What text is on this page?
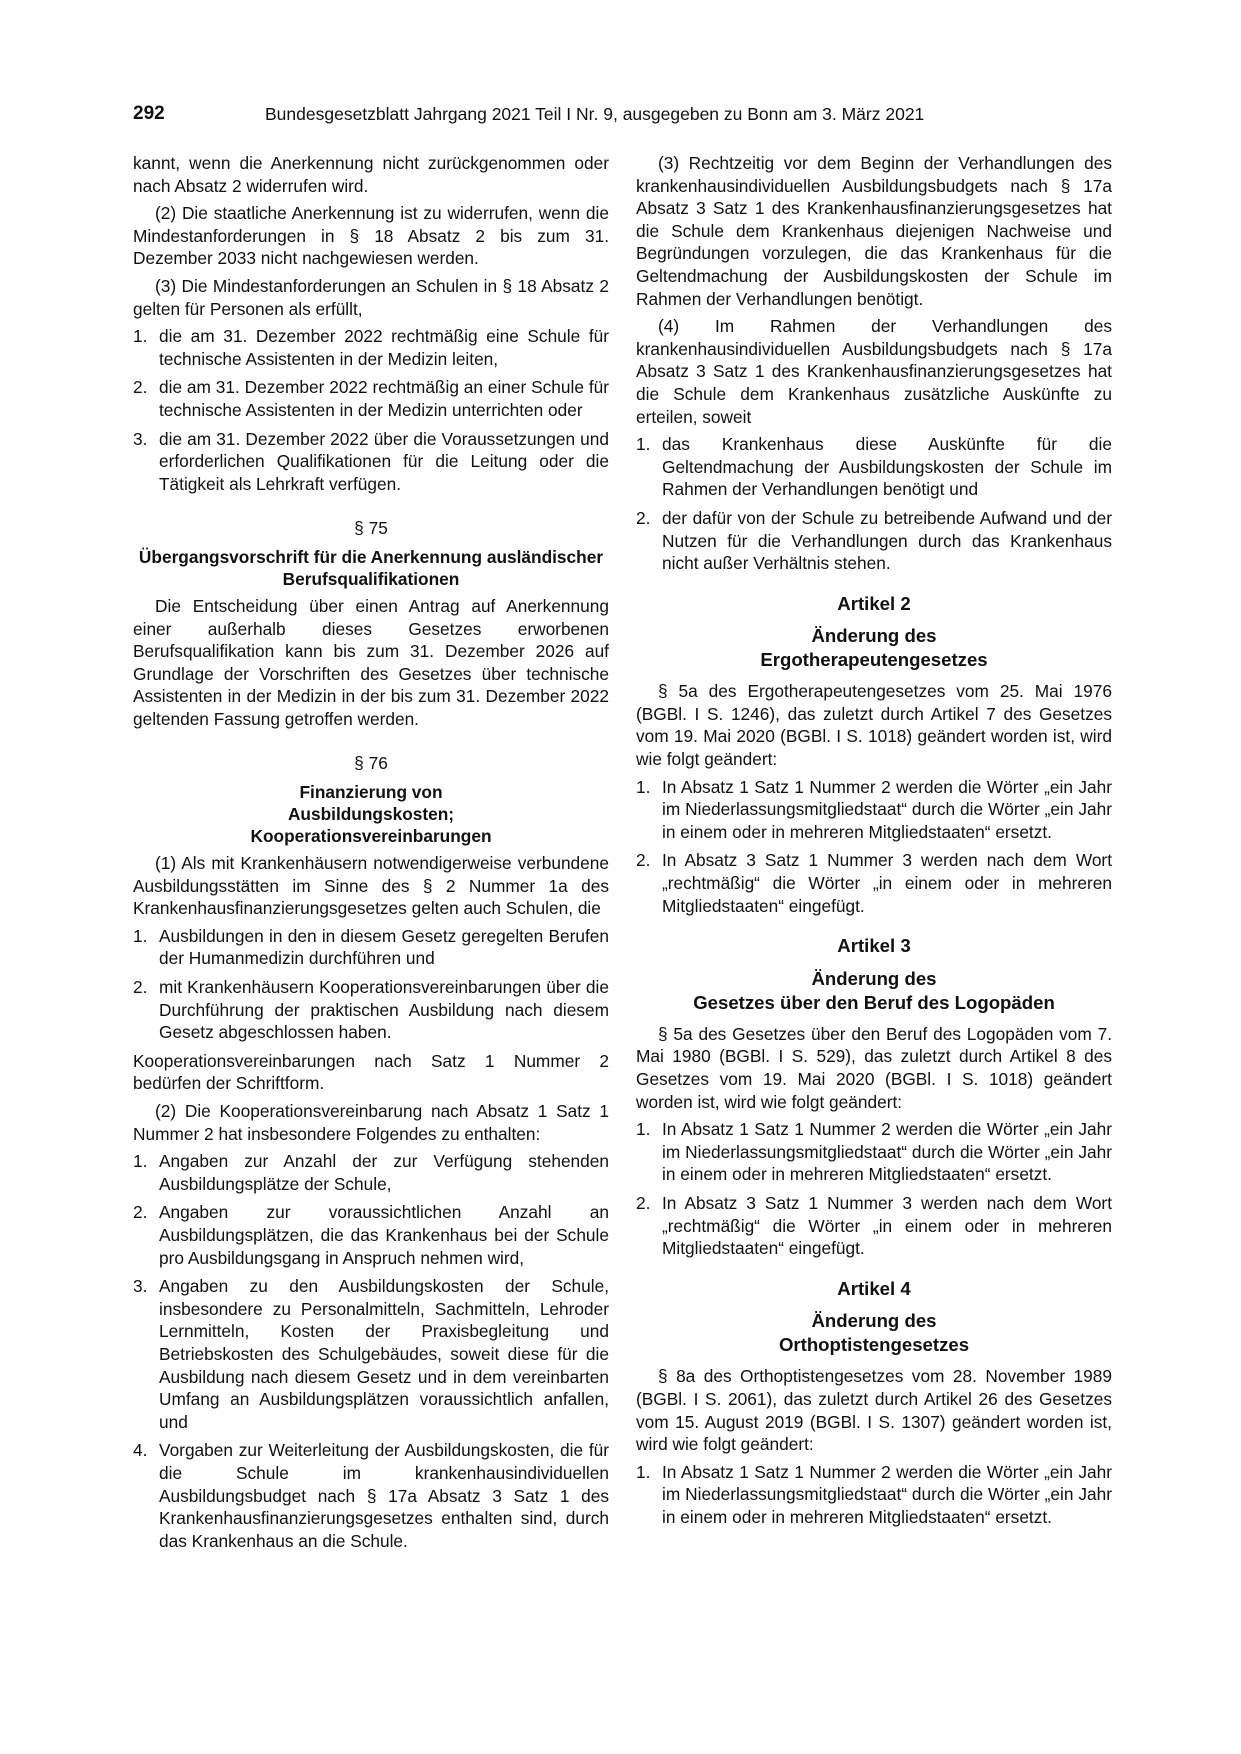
292	Bundesgesetzblatt Jahrgang 2021 Teil I Nr. 9, ausgegeben zu Bonn am 3. März 2021

kannt, wenn die Anerkennung nicht zurückgenommen oder nach Absatz 2 widerrufen wird.

(2) Die staatliche Anerkennung ist zu widerrufen, wenn die Mindestanforderungen in § 18 Absatz 2 bis zum 31. Dezember 2033 nicht nachgewiesen werden.

(3) Die Mindestanforderungen an Schulen in § 18 Absatz 2 gelten für Personen als erfüllt,

1. die am 31. Dezember 2022 rechtmäßig eine Schule für technische Assistenten in der Medizin leiten,
2. die am 31. Dezember 2022 rechtmäßig an einer Schule für technische Assistenten in der Medizin unterrichten oder
3. die am 31. Dezember 2022 über die Voraussetzungen und erforderlichen Qualifikationen für die Leitung oder die Tätigkeit als Lehrkraft verfügen.
§ 75
Übergangsvorschrift für die Anerkennung ausländischer Berufsqualifikationen

Die Entscheidung über einen Antrag auf Anerkennung einer außerhalb dieses Gesetzes erworbenen Berufsqualifikation kann bis zum 31. Dezember 2026 auf Grundlage der Vorschriften des Gesetzes über technische Assistenten in der Medizin in der bis zum 31. Dezember 2022 geltenden Fassung getroffen werden.

§ 76
Finanzierung von
Ausbildungskosten;
Kooperationsvereinbarungen

(1) Als mit Krankenhäusern notwendigerweise verbundene Ausbildungsstätten im Sinne des § 2 Nummer 1a des Krankenhausfinanzierungsgesetzes gelten auch Schulen, die

1. Ausbildungen in den in diesem Gesetz geregelten Berufen der Humanmedizin durchführen und
2. mit Krankenhäusern Kooperationsvereinbarungen über die Durchführung der praktischen Ausbildung nach diesem Gesetz abgeschlossen haben.

Kooperationsvereinbarungen nach Satz 1 Nummer 2 bedürfen der Schriftform.

(2) Die Kooperationsvereinbarung nach Absatz 1 Satz 1 Nummer 2 hat insbesondere Folgendes zu enthalten:

1. Angaben zur Anzahl der zur Verfügung stehenden Ausbildungsplätze der Schule,
2. Angaben zur voraussichtlichen Anzahl an Ausbildungsplätzen, die das Krankenhaus bei der Schule pro Ausbildungsgang in Anspruch nehmen wird,
3. Angaben zu den Ausbildungskosten der Schule, insbesondere zu Personalmitteln, Sachmitteln, Lehroder Lernmitteln, Kosten der Praxisbegleitung und Betriebskosten des Schulgebäudes, soweit diese für die Ausbildung nach diesem Gesetz und in dem vereinbarten Umfang an Ausbildungsplätzen voraussichtlich anfallen, und
4. Vorgaben zur Weiterleitung der Ausbildungskosten, die für die Schule im krankenhausindividuellen Ausbildungsbudget nach § 17a Absatz 3 Satz 1 des Krankenhausfinanzierungsgesetzes enthalten sind, durch das Krankenhaus an die Schule.

(3) Rechtzeitig vor dem Beginn der Verhandlungen des krankenhausindividuellen Ausbildungsbudgets nach § 17a Absatz 3 Satz 1 des Krankenhausfinanzierungsgesetzes hat die Schule dem Krankenhaus diejenigen Nachweise und Begründungen vorzulegen, die das Krankenhaus für die Geltendmachung der Ausbildungskosten der Schule im Rahmen der Verhandlungen benötigt.

(4) Im Rahmen der Verhandlungen des krankenhausindividuellen Ausbildungsbudgets nach § 17a Absatz 3 Satz 1 des Krankenhausfinanzierungsgesetzes hat die Schule dem Krankenhaus zusätzliche Auskünfte zu erteilen, soweit

1. das Krankenhaus diese Auskünfte für die Geltendmachung der Ausbildungskosten der Schule im Rahmen der Verhandlungen benötigt und
2. der dafür von der Schule zu betreibende Aufwand und der Nutzen für die Verhandlungen durch das Krankenhaus nicht außer Verhältnis stehen.
Artikel 2
Änderung des
Ergotherapeutengesetzes

§ 5a des Ergotherapeutengesetzes vom 25. Mai 1976 (BGBl. I S. 1246), das zuletzt durch Artikel 7 des Gesetzes vom 19. Mai 2020 (BGBl. I S. 1018) geändert worden ist, wird wie folgt geändert:

1. In Absatz 1 Satz 1 Nummer 2 werden die Wörter „ein Jahr im Niederlassungsmitgliedstaat“ durch die Wörter „ein Jahr in einem oder in mehreren Mitgliedstaaten“ ersetzt.
2. In Absatz 3 Satz 1 Nummer 3 werden nach dem Wort „rechtmäßig“ die Wörter „in einem oder in mehreren Mitgliedstaaten“ eingefügt.
Artikel 3
Änderung des
Gesetzes über den Beruf des Logopäden

§ 5a des Gesetzes über den Beruf des Logopäden vom 7. Mai 1980 (BGBl. I S. 529), das zuletzt durch Artikel 8 des Gesetzes vom 19. Mai 2020 (BGBl. I S. 1018) geändert worden ist, wird wie folgt geändert:

1. In Absatz 1 Satz 1 Nummer 2 werden die Wörter „ein Jahr im Niederlassungsmitgliedstaat“ durch die Wörter „ein Jahr in einem oder in mehreren Mitgliedstaaten“ ersetzt.
2. In Absatz 3 Satz 1 Nummer 3 werden nach dem Wort „rechtmäßig“ die Wörter „in einem oder in mehreren Mitgliedstaaten“ eingefügt.
Artikel 4
Änderung des
Orthoptistengesetzes

§ 8a des Orthoptistengesetzes vom 28. November 1989 (BGBl. I S. 2061), das zuletzt durch Artikel 26 des Gesetzes vom 15. August 2019 (BGBl. I S. 1307) geändert worden ist, wird wie folgt geändert:

1. In Absatz 1 Satz 1 Nummer 2 werden die Wörter „ein Jahr im Niederlassungsmitgliedstaat“ durch die Wörter „ein Jahr in einem oder in mehreren Mitgliedstaaten“ ersetzt.
